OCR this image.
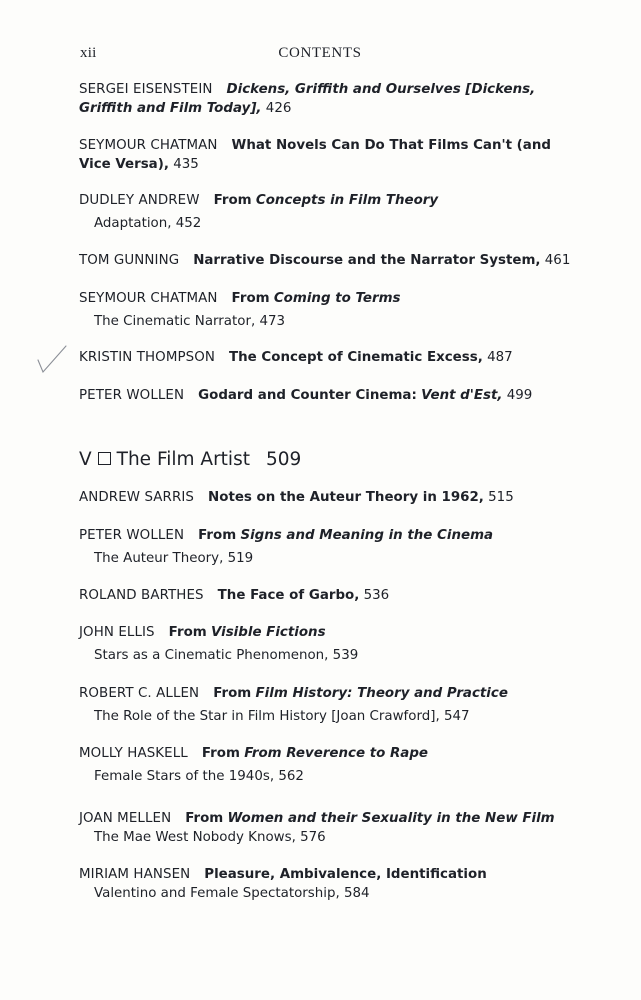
xii	CONTENTS
SERGEI EISENSTEIN Dickens, Griffith and Ourselves [Dickens, Griffith and Film Today], 426
SEYMOUR CHATMAN What Novels Can Do That Films Can't (and Vice Versa), 435
DUDLEY ANDREW From Concepts in Film Theory
Adaptation, 452
TOM GUNNING Narrative Discourse and the Narrator System, 461
SEYMOUR CHATMAN From Coming to Terms
The Cinematic Narrator, 473
KRISTIN THOMPSON The Concept of Cinematic Excess, 487
PETER WOLLEN Godard and Counter Cinema: Vent d'Est, 499
V The Film Artist 509
ANDREW SARRIS Notes on the Auteur Theory in 1962, 515
PETER WOLLEN From Signs and Meaning in the Cinema
The Auteur Theory, 519
ROLAND BARTHES The Face of Garbo, 536
JOHN ELLIS From Visible Fictions
Stars as a Cinematic Phenomenon, 539
ROBERT C. ALLEN From Film History: Theory and Practice
The Role of the Star in Film History [Joan Crawford], 547
MOLLY HASKELL From From Reverence to Rape
Female Stars of the 1940s, 562
JOAN MELLEN From Women and their Sexuality in the New Film
The Mae West Nobody Knows, 576
MIRIAM HANSEN Pleasure, Ambivalence, Identification
Valentino and Female Spectatorship, 584
